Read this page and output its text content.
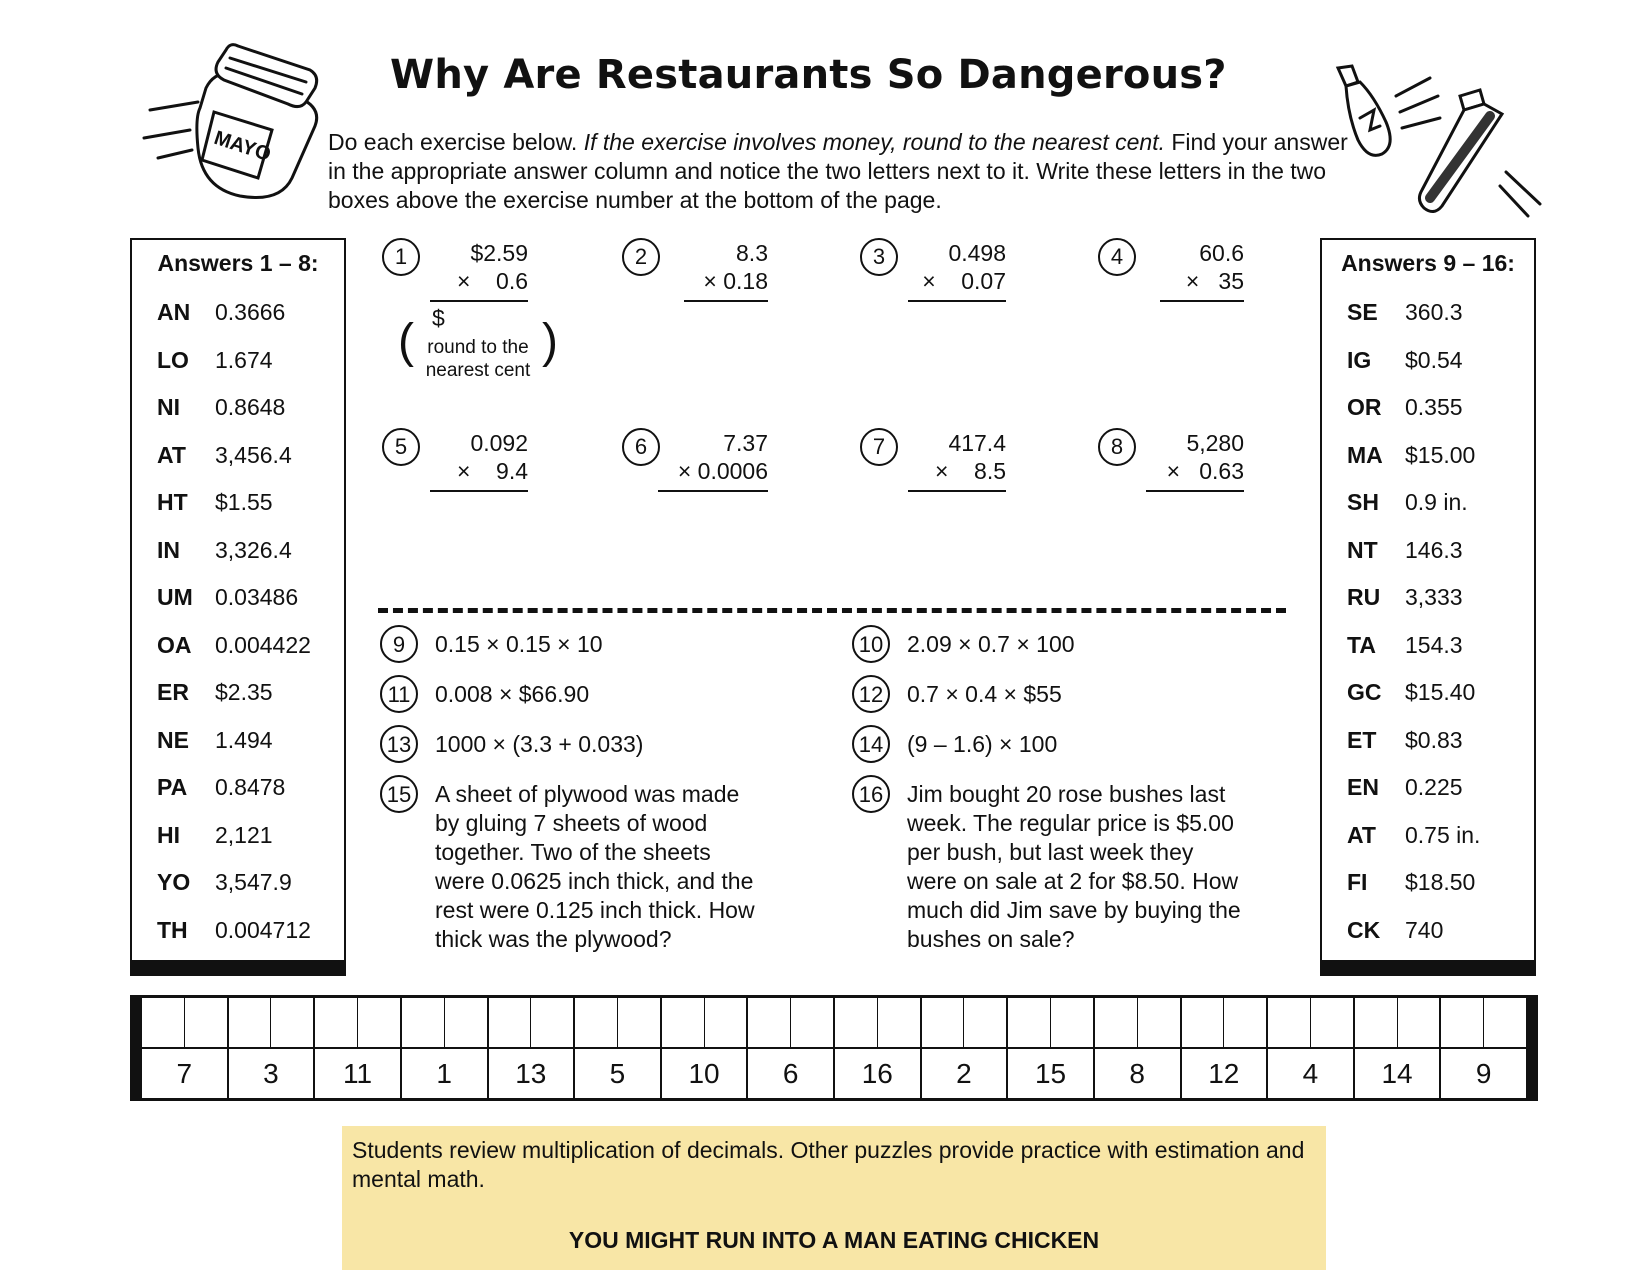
MAYO
Why Are Restaurants So Dangerous?
Do each exercise below. If the exercise involves money, round to the nearest cent. Find your answer in the appropriate answer column and notice the two letters next to it. Write these letters in the two boxes above the exercise number at the bottom of the page.
Answers 1 – 8:
AN	0.3666
LO	1.674
NI	0.8648
AT	3,456.4
HT	$1.55
IN	3,326.4
UM 0.03486
OA	0.004422
ER	$2.35
NE	1.494
PA	0.8478
HI	2,121
YO	3,547.9
TH	0.004712
Answers 9 – 16:
SE	360.3
IG	$0.54
OR	0.355
MA $15.00
SH	0.9 in.
NT	146.3
RU	3,333
TA	154.3
GC	$15.40
ET	$0.83
EN	0.225
AT	0.75 in.
FI	$18.50
CK	740
1	$2.59
×    0.6
$
( round to the nearest cent )
2	8.3
× 0.18
3	0.498
×    0.07
4	60.6
×   35
5	0.092
×    9.4
6	7.37
× 0.0006
7	417.4
×    8.5
8	5,280
×   0.63
9	0.15 × 0.15 × 10	10 2.09 × 0.7 × 100
11	0.008 × $66.90	12 0.7 × 0.4 × $55
13 1000 × (3.3 + 0.033)	14 (9 – 1.6) × 100
15 A sheet of plywood was made
by gluing 7 sheets of wood
together. Two of the sheets
were 0.0625 inch thick, and the
rest were 0.125 inch thick. How
thick was the plywood?
16 Jim bought 20 rose bushes last
week. The regular price is $5.00
per bush, but last week they
were on sale at 2 for $8.50. How
much did Jim save by buying the
bushes on sale?
7	3	11	1	13	5	10	6	16	2	15	8	12	4	14	9
Students review multiplication of decimals. Other puzzles provide practice with estimation and mental math.
YOU MIGHT RUN INTO A MAN EATING CHICKEN
